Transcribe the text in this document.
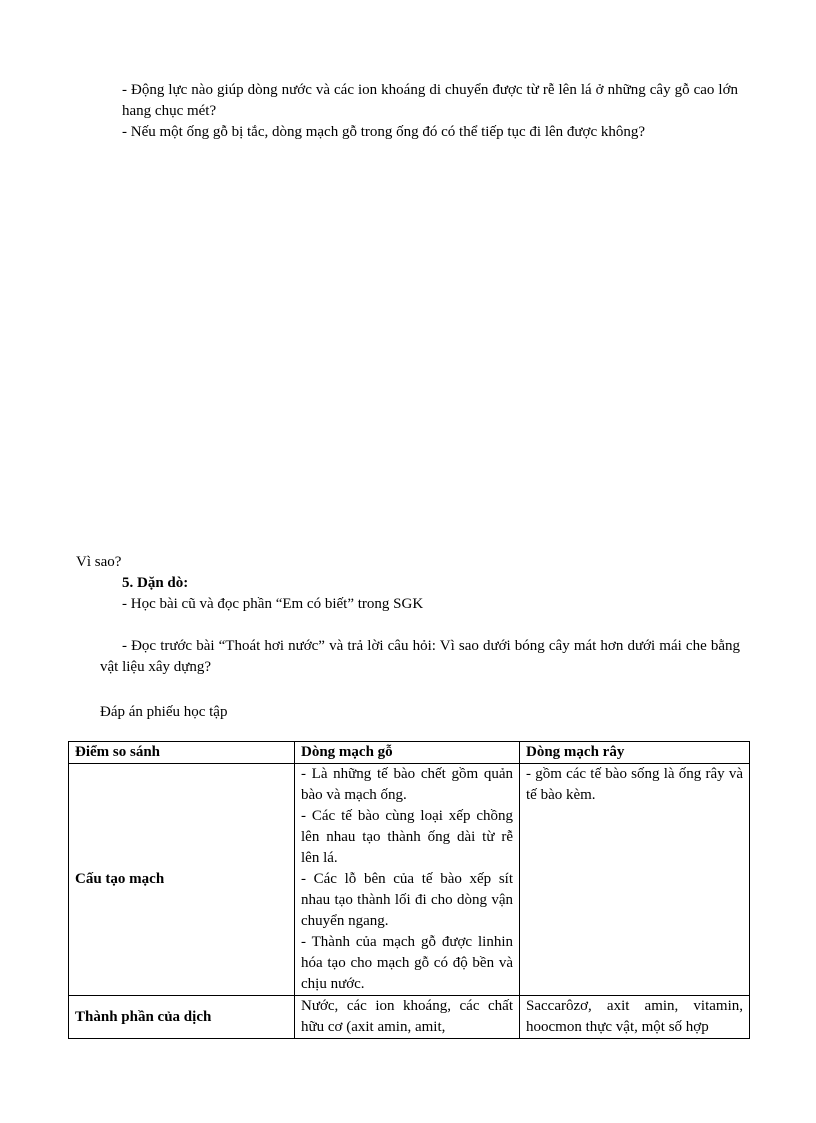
- Động lực nào giúp dòng nước và các ion khoáng di chuyển được từ rễ lên lá ở những cây gỗ cao lớn hang chục mét?

- Nếu một ống gỗ bị tắc, dòng mạch gỗ trong ống đó có thể tiếp tục đi lên được không?

Vì sao?
5. Dặn dò:
- Học bài cũ và đọc phần “Em có biết” trong SGK
- Đọc trước bài “Thoát hơi nước” và trả lời câu hỏi: Vì sao dưới bóng cây mát hơn dưới mái che bằng vật liệu xây dựng?
Đáp án phiếu học tập
Điểm so sánh	Dòng mạch gỗ	Dòng mạch rây
Cấu tạo mạch	- Là những tế bào chết gồm quản bào và mạch ống.
- Các tế bào cùng loại xếp chồng lên nhau tạo thành ống dài từ rễ lên lá.
- Các lỗ bên của tế bào xếp sít nhau tạo thành lối đi cho dòng vận chuyển ngang.
- Thành của mạch gỗ được linhin hóa tạo cho mạch gỗ có độ bền và chịu nước.	- gồm các tế bào sống là ống rây và tế bào kèm.
Thành phần của dịch	Nước, các ion khoáng, các chất hữu cơ (axit amin, amit,	Saccarôzơ, axit amin, vitamin, hoocmon thực vật, một số hợp
